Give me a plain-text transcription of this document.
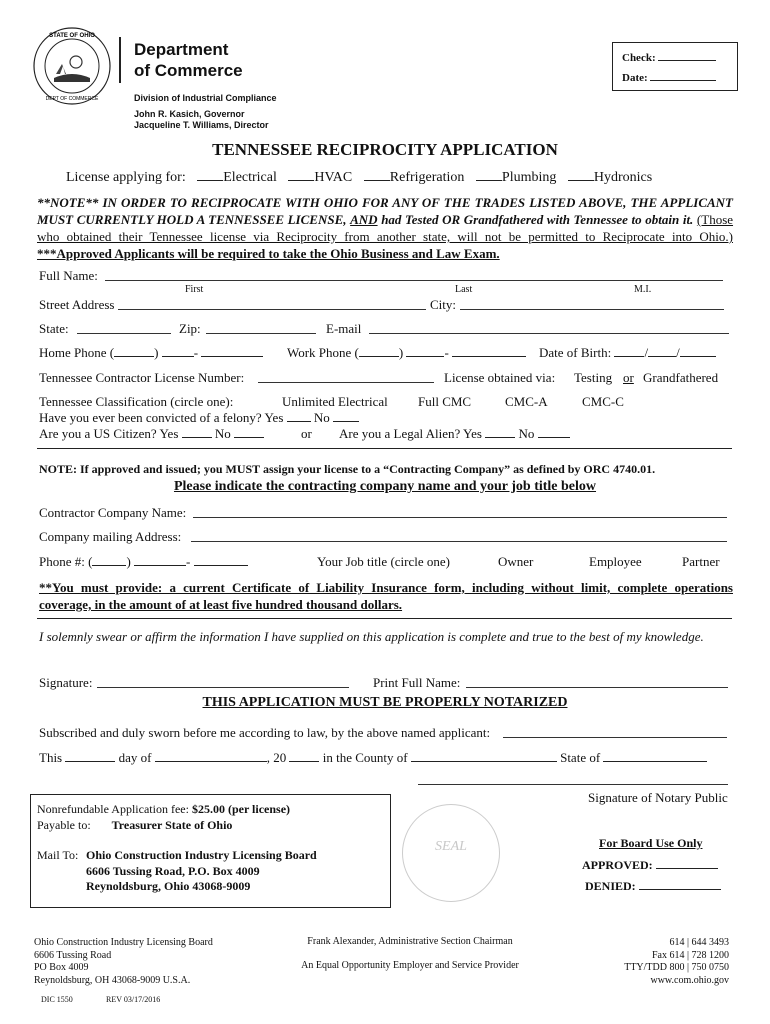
STATE OF OHIO
DEPT OF COMMERCE
Department
of Commerce
Division of Industrial Compliance
John R. Kasich, Governor
Jacqueline T. Williams, Director
Check:
Date:
TENNESSEE RECIPROCITY APPLICATION
License applying for:	Electrical	HVAC	Refrigeration	Plumbing	Hydronics
**NOTE** IN ORDER TO RECIPROCATE WITH OHIO FOR ANY OF THE TRADES LISTED ABOVE, THE APPLICANT MUST CURRENTLY HOLD A TENNESSEE LICENSE, AND had Tested OR Grandfathered with Tennessee to obtain it. (Those who obtained their Tennessee license via Reciprocity from another state, will not be permitted to Reciprocate into Ohio.) ***Approved Applicants will be required to take the Ohio Business and Law Exam.
Full Name:
First	Last	M.I.
Street Address	City:
State:	Zip:	E-mail
Home Phone (	) -	Work Phone (	)	-	Date of Birth:	/ /
Tennessee Contractor License Number:	License obtained via: Testing or Grandfathered
Tennessee Classification (circle one):	Unlimited Electrical Full CMC	CMC-A	CMC-C
Have you ever been convicted of a felony? Yes No
Are you a US Citizen? Yes	No	or Are you a Legal Alien? Yes	No
NOTE: If approved and issued; you MUST assign your license to a “Contracting Company” as defined by ORC 4740.01.
Please indicate the contracting company name and your job title below
Contractor Company Name:
Company mailing Address:
Phone #: (	)	-	Your Job title (circle one)	Owner	Employee	Partner
**You must provide: a current Certificate of Liability Insurance form, including without limit, complete operations coverage, in the amount of at least five hundred thousand dollars.
I solemnly swear or affirm the information I have supplied on this application is complete and true to the best of my knowledge.
Signature:	Print Full Name:
THIS APPLICATION MUST BE PROPERLY NOTARIZED
Subscribed and duly sworn before me according to law, by the above named applicant:
This	day of	, 20	in the County of	State of
Signature of Notary Public
Nonrefundable Application fee: $25.00 (per license)
Payable to: Treasurer State of Ohio
Mail To: Ohio Construction Industry Licensing Board
6606 Tussing Road, P.O. Box 4009
Reynoldsburg, Ohio 43068-9009
SEAL	For Board Use Only
APPROVED:
DENIED:
Ohio Construction Industry Licensing Board
6606 Tussing Road
PO Box 4009
Reynoldsburg, OH 43068-9009 U.S.A.
Frank Alexander, Administrative Section Chairman
An Equal Opportunity Employer and Service Provider
614 | 644 3493
Fax 614 | 728 1200
TTY/TDD 800 | 750 0750
www.com.ohio.gov
DIC 1550	REV 03/17/2016
